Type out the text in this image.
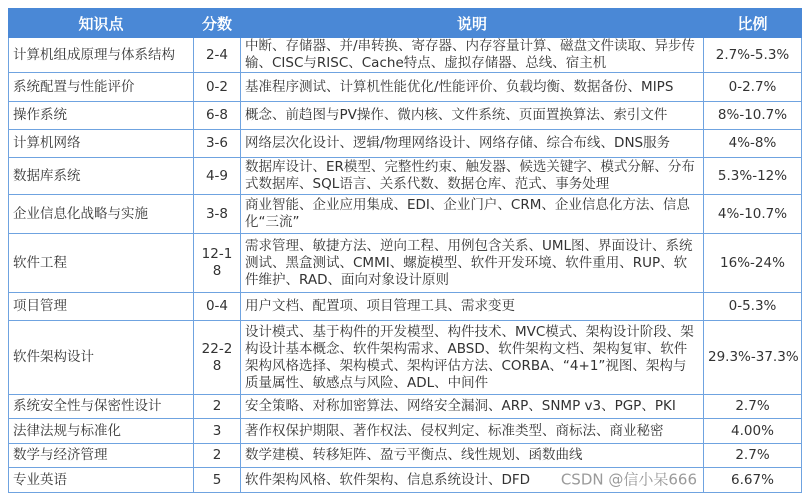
知识点	分数	说明	比例
计算机组成原理与体系结构	2-4	中断、存储器、并/串转换、寄存器、内存容量计算、磁盘文件读取、异步传输、CISC与RISC、Cache特点、虚拟存储器、总线、宿主机	2.7%-5.3%
系统配置与性能评价	0-2	基准程序测试、计算机性能优化/性能评价、负载均衡、数据备份、MIPS	0-2.7%
操作系统	6-8	概念、前趋图与PV操作、微内核、文件系统、页面置换算法、索引文件	8%-10.7%
计算机网络	3-6	网络层次化设计、逻辑/物理网络设计、网络存储、综合布线、DNS服务	4%-8%
数据库系统	4-9	数据库设计、ER模型、完整性约束、触发器、候选关键字、模式分解、分布式数据库、SQL语言、关系代数、数据仓库、范式、事务处理	5.3%-12%
企业信息化战略与实施	3-8	商业智能、企业应用集成、EDI、企业门户、CRM、企业信息化方法、信息化“三流”	4%-10.7%
软件工程	12-18	需求管理、敏捷方法、逆向工程、用例包含关系、UML图、界面设计、系统测试、黑盒测试、CMMI、螺旋模型、软件开发环境、软件重用、RUP、软件维护、RAD、面向对象设计原则	16%-24%
项目管理	0-4	用户文档、配置项、项目管理工具、需求变更	0-5.3%
软件架构设计	22-28	设计模式、基于构件的开发模型、构件技术、MVC模式、架构设计阶段、架构设计基本概念、软件架构需求、ABSD、软件架构文档、架构复审、软件架构风格选择、架构模式、架构评估方法、CORBA、“4+1”视图、架构与质量属性、敏感点与风险、ADL、中间件	29.3%-37.3%
系统安全性与保密性设计	2	安全策略、对称加密算法、网络安全漏洞、ARP、SNMP v3、PGP、PKI	2.7%
法律法规与标准化	3	著作权保护期限、著作权法、侵权判定、标准类型、商标法、商业秘密	4.00%
数学与经济管理	2	数学建模、转移矩阵、盈亏平衡点、线性规划、函数曲线	2.7%
专业英语	5	软件架构风格、软件架构、信息系统设计、DFD CSDN @信小呆666	6.67%
